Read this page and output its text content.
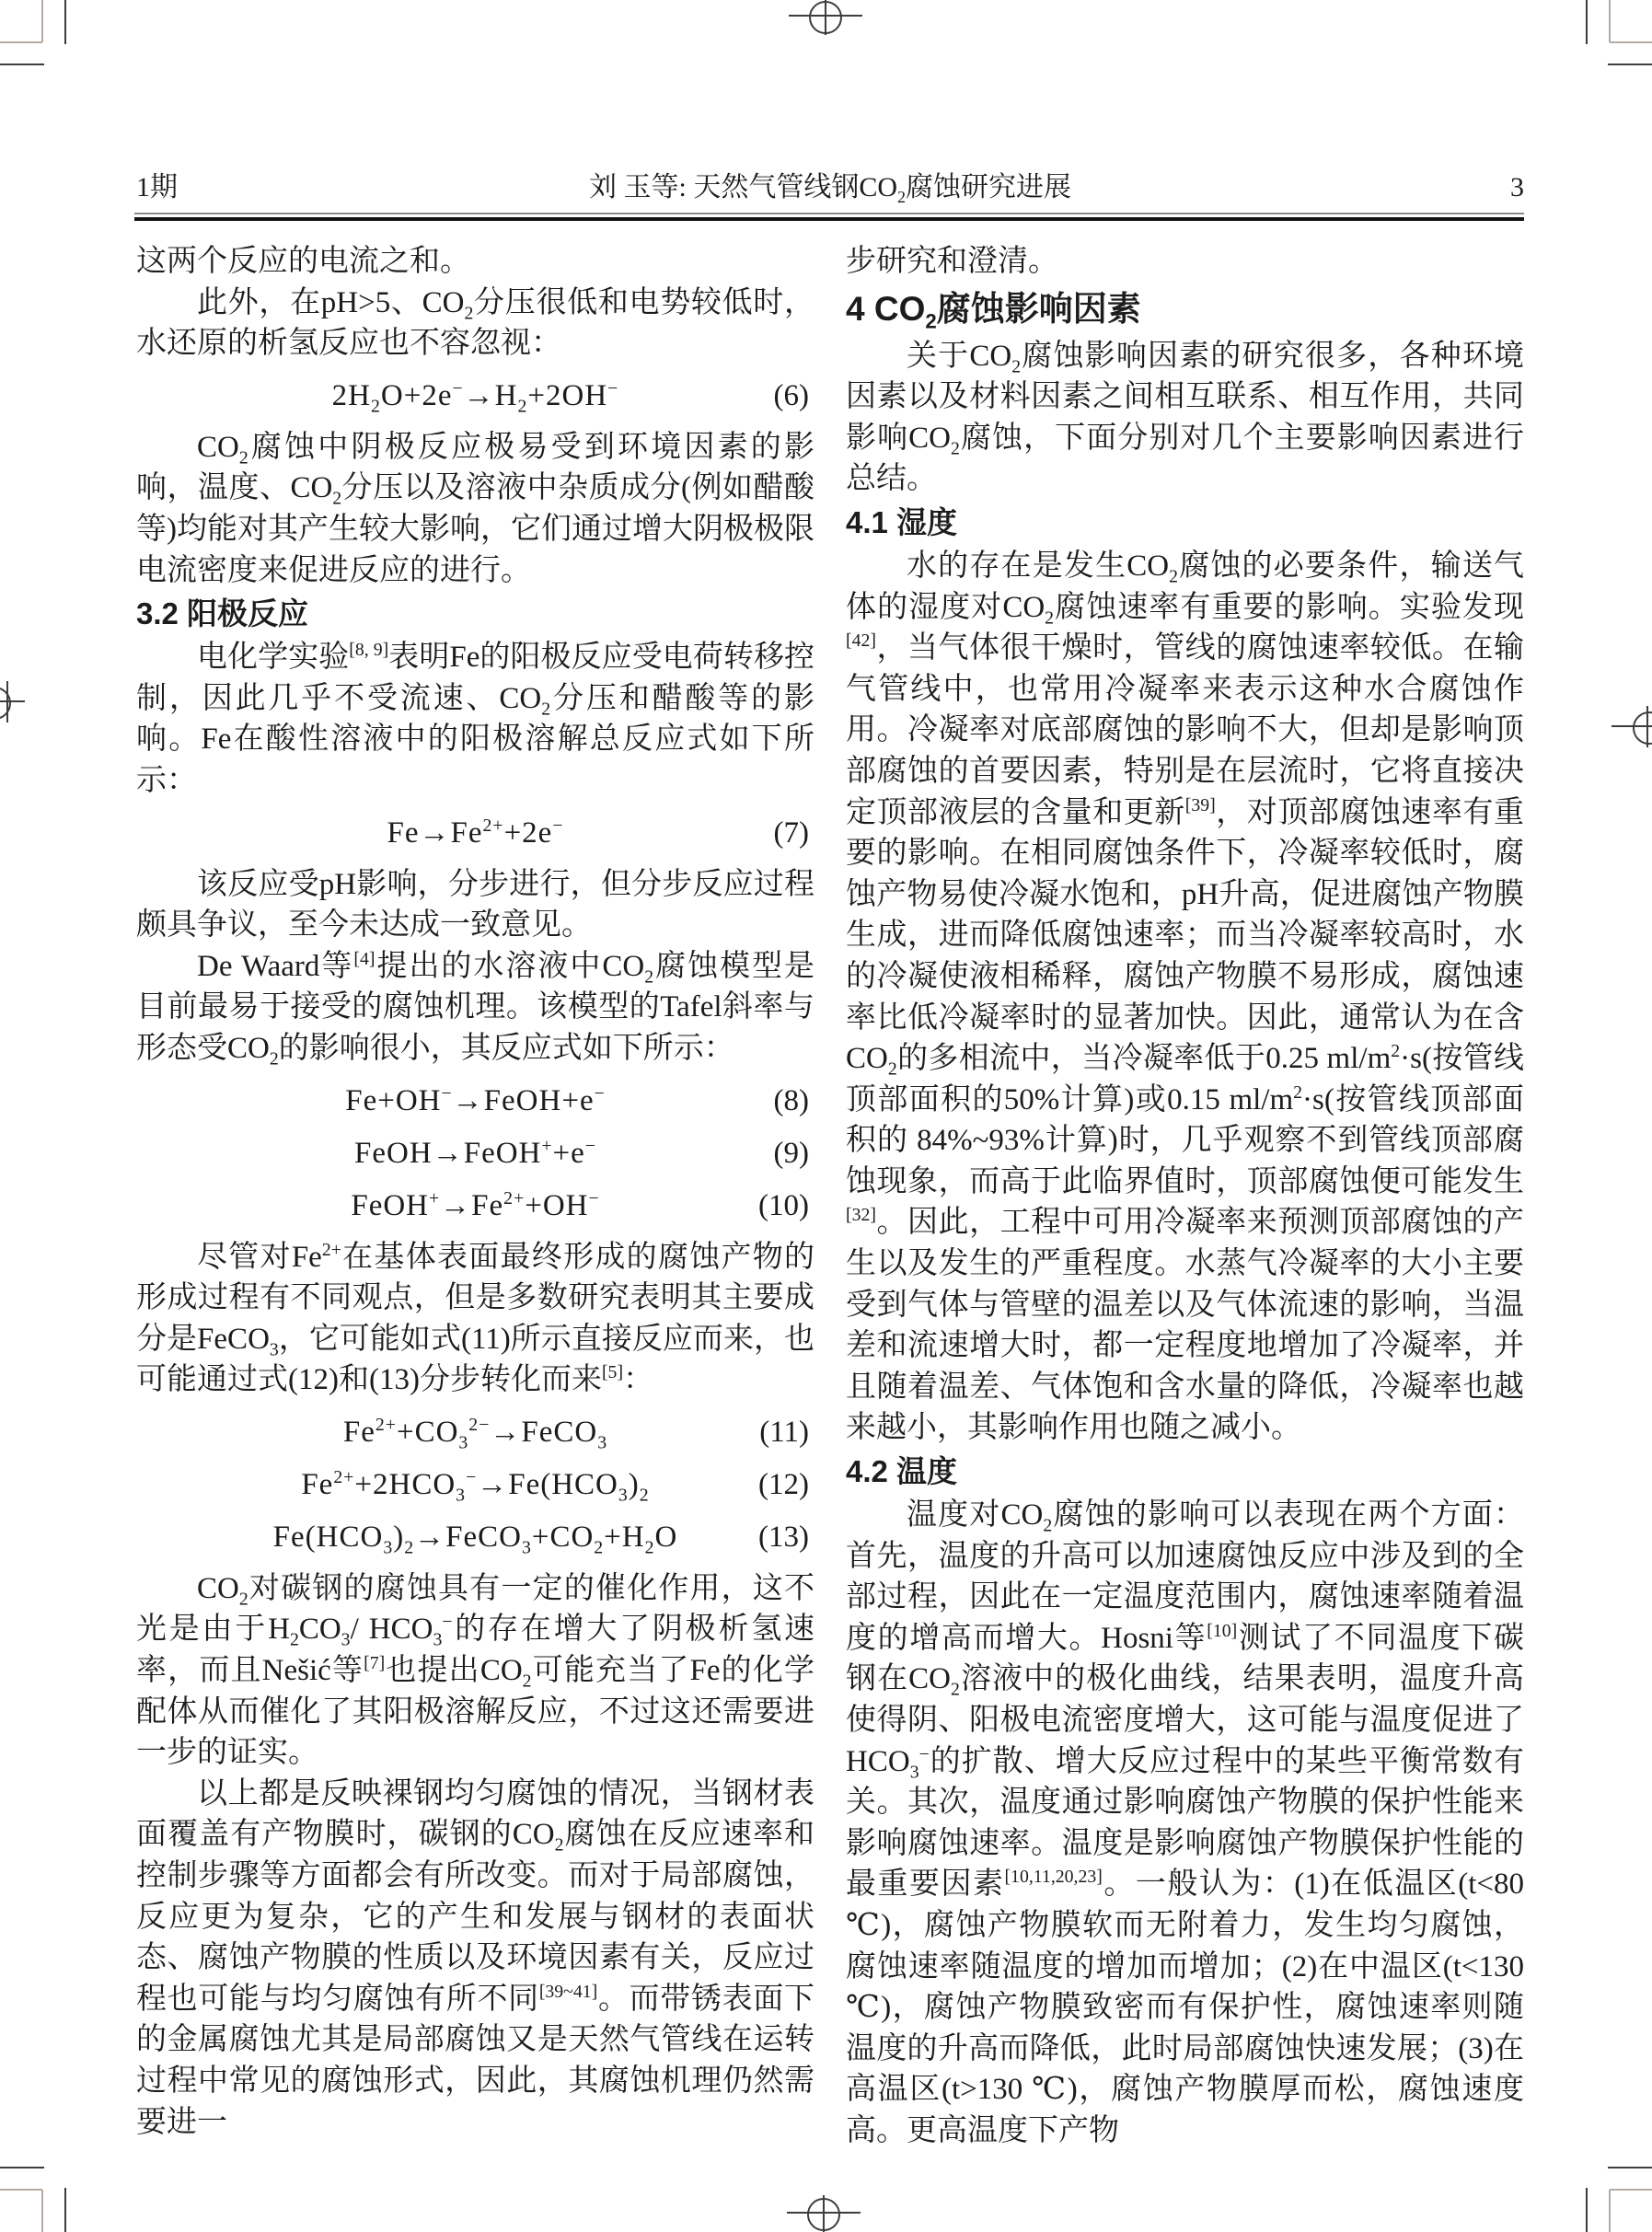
1期	刘 玉等: 天然气管线钢$CO_2$腐蚀研究进展	3

这两个反应的电流之和。

此外，在pH>5、$CO_2$分压很低和电势较低时，水还原的析氢反应也不容忽视：

$2H_2O+2e^-\to H_2+2OH^-$	(6)

$CO_2$腐蚀中阴极反应极易受到环境因素的影响，温度、$CO_2$分压以及溶液中杂质成分(例如醋酸等)均能对其产生较大影响，它们通过增大阴极极限电流密度来促进反应的进行。

3.2 阳极反应

电化学实验[8, 9]表明Fe的阳极反应受电荷转移控制，因此几乎不受流速、$CO_2$分压和醋酸等的影响。Fe在酸性溶液中的阳极溶解总反应式如下所示：

$Fe\to Fe^{2+}+2e^-$	(7)

该反应受pH影响，分步进行，但分步反应过程颇具争议，至今未达成一致意见。

De Waard等[4]提出的水溶液中$CO_2$腐蚀模型是目前最易于接受的腐蚀机理。该模型的Tafel斜率与形态受$CO_2$的影响很小，其反应式如下所示：

Fe+OH−→FeOH+e−	(8)
FeOH→FeOH++e−	(9)
$FeOH^+\to Fe^{2+}+OH^-$	(10)

尽管对$Fe^{2+}$在基体表面最终形成的腐蚀产物的形成过程有不同观点，但是多数研究表明其主要成分是FeCO$_3$，它可能如式(11)所示直接反应而来，也可能通过式(12)和(13)分步转化而来[5]：

$Fe^{2+}+CO_3^{2-}\to FeCO_3$	(11)
$Fe^{2+}+2HCO_3^-\to Fe(HCO_3)_2$	(12)
$Fe(HCO_3)_2\to FeCO_3+CO_2+H_2O$	(13)

$CO_2$对碳钢的腐蚀具有一定的催化作用，这不光是由于$H_2CO_3/$ $HCO_3^-$的存在增大了阴极析氢速率，而且Nešić等[7]也提出$CO_2$可能充当了Fe的化学配体从而催化了其阳极溶解反应，不过这还需要进一步的证实。

以上都是反映裸钢均匀腐蚀的情况，当钢材表面覆盖有产物膜时，碳钢的$CO_2$腐蚀在反应速率和控制步骤等方面都会有所改变。而对于局部腐蚀，反应更为复杂，它的产生和发展与钢材的表面状态、腐蚀产物膜的性质以及环境因素有关，反应过程也可能与均匀腐蚀有所不同[39~41]。而带锈表面下的金属腐蚀尤其是局部腐蚀又是天然气管线在运转过程中常见的腐蚀形式，因此，其腐蚀机理仍然需要进一

步研究和澄清。

4 $CO_2$腐蚀影响因素

关于$CO_2$腐蚀影响因素的研究很多，各种环境因素以及材料因素之间相互联系、相互作用，共同影响$CO_2$腐蚀，下面分别对几个主要影响因素进行总结。

4.1 湿度

水的存在是发生$CO_2$腐蚀的必要条件，输送气体的湿度对$CO_2$腐蚀速率有重要的影响。实验发现[42]，当气体很干燥时，管线的腐蚀速率较低。在输气管线中，也常用冷凝率来表示这种水合腐蚀作用。冷凝率对底部腐蚀的影响不大，但却是影响顶部腐蚀的首要因素，特别是在层流时，它将直接决定顶部液层的含量和更新[39]，对顶部腐蚀速率有重要的影响。在相同腐蚀条件下，冷凝率较低时，腐蚀产物易使冷凝水饱和，pH升高，促进腐蚀产物膜生成，进而降低腐蚀速率；而当冷凝率较高时，水的冷凝使液相稀释，腐蚀产物膜不易形成，腐蚀速率比低冷凝率时的显著加快。因此，通常认为在含$CO_2$的多相流中，当冷凝率低于0.25 $ml/m^2\cdot s$(按管线顶部面积的50%计算)或0.15 $ml/m^2\cdot s$(按管线顶部面积的 84%~93%计算)时，几乎观察不到管线顶部腐蚀现象，而高于此临界值时，顶部腐蚀便可能发生[32]。因此，工程中可用冷凝率来预测顶部腐蚀的产生以及发生的严重程度。水蒸气冷凝率的大小主要受到气体与管壁的温差以及气体流速的影响，当温差和流速增大时，都一定程度地增加了冷凝率，并且随着温差、气体饱和含水量的降低，冷凝率也越来越小，其影响作用也随之减小。

4.2 温度

温度对$CO_2$腐蚀的影响可以表现在两个方面：首先，温度的升高可以加速腐蚀反应中涉及到的全部过程，因此在一定温度范围内，腐蚀速率随着温度的增高而增大。Hosni等[10]测试了不同温度下碳钢在$CO_2$溶液中的极化曲线，结果表明，温度升高使得阴、阳极电流密度增大，这可能与温度促进了$HCO_3^-$的扩散、增大反应过程中的某些平衡常数有关。其次，温度通过影响腐蚀产物膜的保护性能来影响腐蚀速率。温度是影响腐蚀产物膜保护性能的最重要因素[10,11,20,23]。一般认为：(1)在低温区(t<80 ℃)，腐蚀产物膜软而无附着力，发生均匀腐蚀，腐蚀速率随温度的增加而增加；(2)在中温区(t<130 ℃)，腐蚀产物膜致密而有保护性，腐蚀速率则随温度的升高而降低，此时局部腐蚀快速发展；(3)在高温区(t>130 ℃)，腐蚀产物膜厚而松，腐蚀速度高。更高温度下产物
